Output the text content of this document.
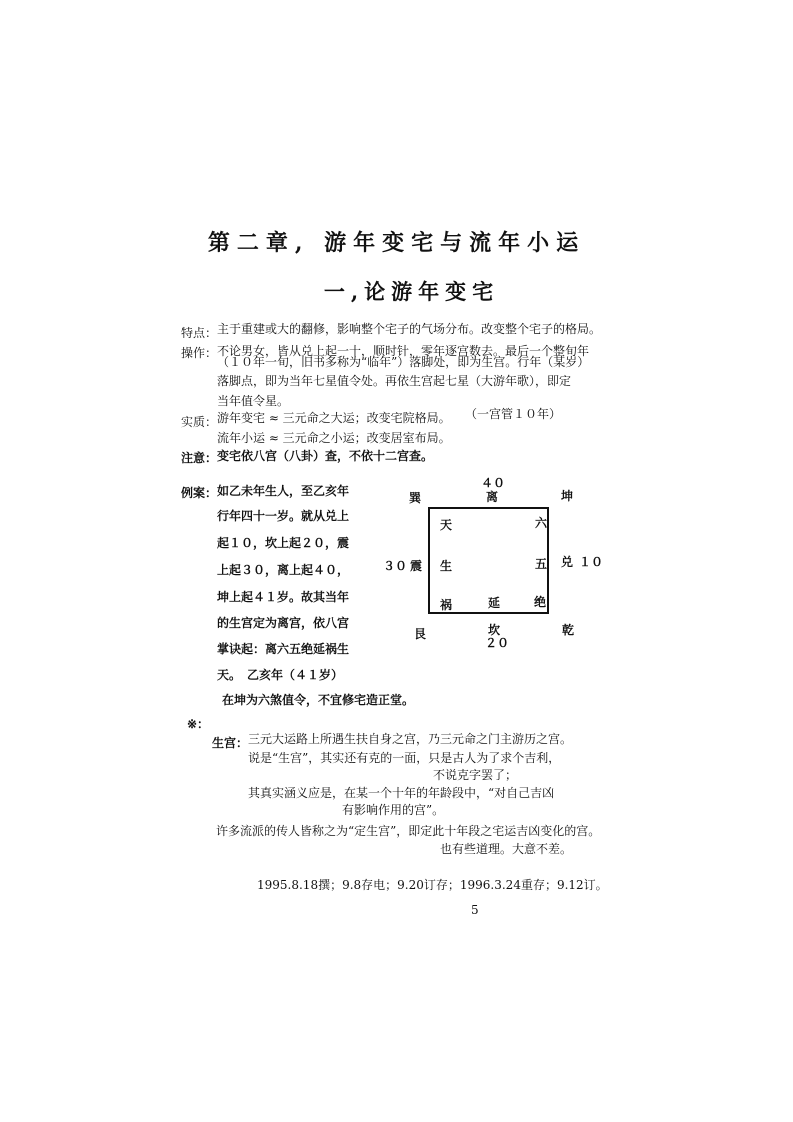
第二章, 游年变宅与流年小运
一,论游年变宅
特点： 主于重建或大的翻修，影响整个宅子的气场分布。改变整个宅子的格局。
操作： 不论男女，皆从兑上起一十，顺时针，零年逐宫数去。最后一个整旬年
（１０年一旬，旧书多称为“临年”）落脚处，即为生宫。行年（某岁）
落脚点，即为当年七星值令处。再依生宫起七星（大游年歌），即定
当年值令星。
实质： 游年变宅 ≈ 三元命之大运；改变宅院格局。 （一宫管１０年）
流年小运 ≈ 三元命之小运；改变居室布局。
注意： 变宅依八宫（八卦）查，不依十二宫查。
例案： 如乙未年生人，至乙亥年
行年四十一岁。就从兑上
起１０，坎上起２０，震
上起３０，离上起４０，
坤上起４１岁。故其当年
的生宫定为离宫，依八宫
掌诀起：离六五绝延祸生
天。　乙亥年（４１岁）
在坤为六煞值令，不宜修宅造正堂。
４０
离
巽	坤
３０ 震	兑 １０
艮	坎
２０
乾
天	六
生	五
祸	延	绝
※：
生宫： 三元大运路上所遇生扶自身之宫，乃三元命之门主游历之宫。
说是“生宫”，其实还有克的一面，只是古人为了求个吉利，
不说克字罢了；
其真实涵义应是，在某一个十年的年龄段中，“对自己吉凶
有影响作用的宫”。
许多流派的传人皆称之为“定生宫”，即定此十年段之宅运吉凶变化的宫。
也有些道理。大意不差。
1995.8.18撰；9.8存电；9.20订存；1996.3.24重存；9.12订。
5
